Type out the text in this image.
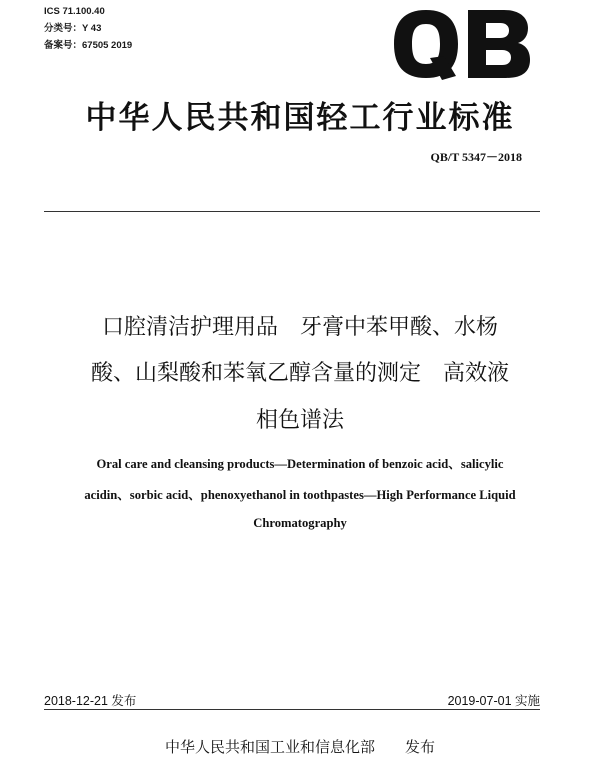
ICS 71.100.40
分类号：Y 43
备案号：67505 2019
中华人民共和国轻工行业标准
QB/T 5347－2018
口腔清洁护理用品　牙膏中苯甲酸、水杨
酸、山梨酸和苯氧乙醇含量的测定　高效液
相色谱法
Oral care and cleansing products—Determination of benzoic acid、salicylic
acidin、sorbic acid、phenoxyethanol in toothpastes—High Performance Liquid
Chromatography
2018-12-21 发布	2019-07-01 实施
中华人民共和国工业和信息化部　　发布
